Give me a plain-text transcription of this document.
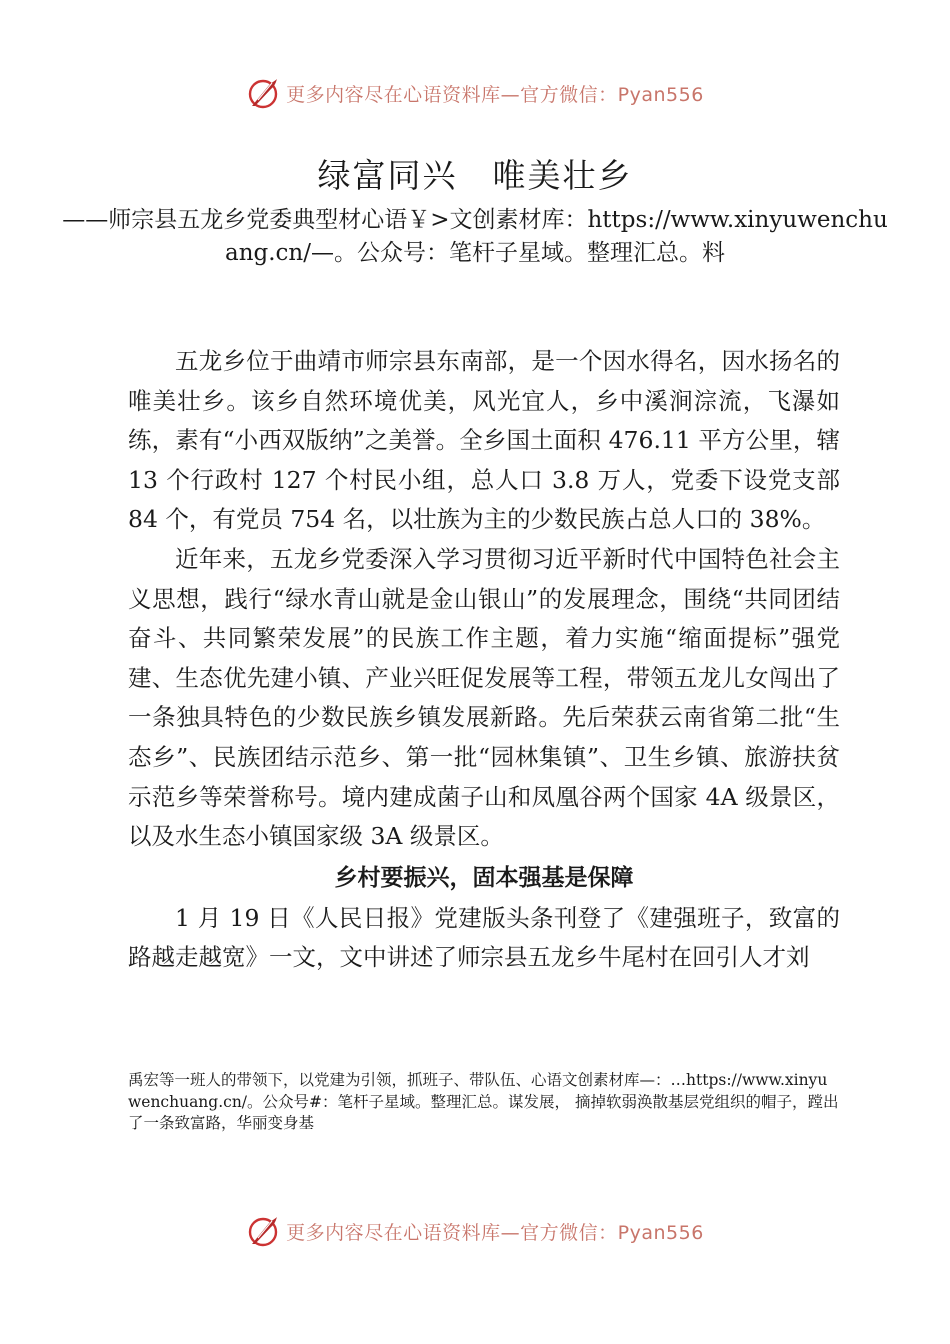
更多内容尽在心语资料库—官方微信：Pyan556
绿富同兴　唯美壮乡
——师宗县五龙乡党委典型材心语￥>文创素材库：https://www.xinyuwenchuang.cn/—。公众号：笔杆子星域。整理汇总。料

五龙乡位于曲靖市师宗县东南部，是一个因水得名，因水扬名的唯美壮乡。该乡自然环境优美，风光宜人，乡中溪涧淙流，飞瀑如练，素有“小西双版纳”之美誉。全乡国土面积 476.11 平方公里，辖 13 个行政村 127 个村民小组，总人口 3.8 万人，党委下设党支部 84 个，有党员 754 名，以壮族为主的少数民族占总人口的 38%。

近年来，五龙乡党委深入学习贯彻习近平新时代中国特色社会主义思想，践行“绿水青山就是金山银山”的发展理念，围绕“共同团结奋斗、共同繁荣发展”的民族工作主题，着力实施“缩面提标”强党建、生态优先建小镇、产业兴旺促发展等工程，带领五龙儿女闯出了一条独具特色的少数民族乡镇发展新路。先后荣获云南省第二批“生态乡”、民族团结示范乡、第一批“园林集镇”、卫生乡镇、旅游扶贫示范乡等荣誉称号。境内建成菌子山和凤凰谷两个国家 4A 级景区，以及水生态小镇国家级 3A 级景区。

乡村要振兴，固本强基是保障

1 月 19 日《人民日报》党建版头条刊登了《建强班子，致富的路越走越宽》一文，文中讲述了师宗县五龙乡牛尾村在回引人才刘

禹宏等一班人的带领下，以党建为引领，抓班子、带队伍、心语文创素材库—：…https://www.xinyuwenchuang.cn/。公众号#：笔杆子星域。整理汇总。谋发展， 摘掉软弱涣散基层党组织的帽子，蹚出了一条致富路，华丽变身基
更多内容尽在心语资料库—官方微信：Pyan556
